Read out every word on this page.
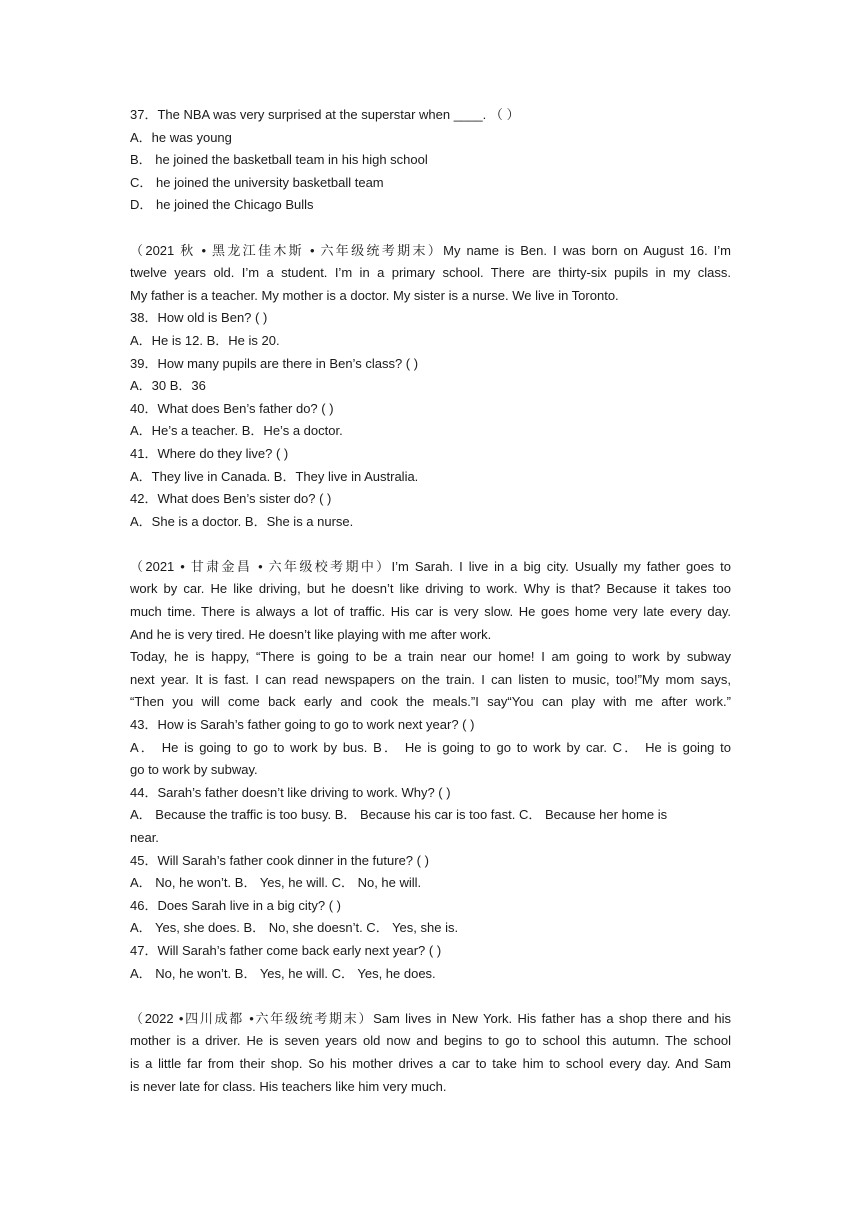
37．The NBA was very surprised at the superstar when ____. （ ）
A．he was young
B． he joined the basketball team in his high school
C． he joined the university basketball team
D． he joined the Chicago Bulls
（2021 秋 • 黑龙江佳木斯 • 六年级统考期末）My name is Ben. I was born on August 16. I’m
twelve years old. I’m a student. I’m in a primary school. There are thirty-six pupils in my class.
My father is a teacher. My mother is a doctor. My sister is a nurse. We live in Toronto.
38．How old is Ben? ( )
A．He is 12. B．He is 20.
39．How many pupils are there in Ben’s class? ( )
A．30 B．36
40．What does Ben’s father do? ( )
A．He’s a teacher. B．He’s a doctor.
41．Where do they live? ( )
A．They live in Canada. B．They live in Australia.
42．What does Ben’s sister do? ( )
A．She is a doctor. B．She is a nurse.
（2021 • 甘肃金昌 • 六年级校考期中）I’m Sarah. I live in a big city. Usually my father goes to
work by car. He like driving, but he doesn’t like driving to work. Why is that? Because it takes too
much time. There is always a lot of traffic. His car is very slow. He goes home very late every day.
And he is very tired. He doesn’t like playing with me after work.
Today, he is happy, “There is going to be a train near our home! I am going to work by subway
next year. It is fast. I can read newspapers on the train. I can listen to music, too!”My mom says,
“Then you will come back early and cook the meals.”I say“You can play with me after work.”
43．How is Sarah’s father going to go to work next year? ( )
A． He is going to go to work by bus. B． He is going to go to work by car. C． He is going to
go to work by subway.
44．Sarah’s father doesn’t like driving to work. Why? ( )
A． Because the traffic is too busy. B． Because his car is too fast. C． Because her home is
near.
45．Will Sarah’s father cook dinner in the future? ( )
A． No, he won’t. B． Yes, he will. C． No, he will.
46．Does Sarah live in a big city? ( )
A． Yes, she does. B． No, she doesn’t. C． Yes, she is.
47．Will Sarah’s father come back early next year? ( )
A． No, he won’t. B． Yes, he will. C． Yes, he does.
（2022 •四川成都 •六年级统考期末）Sam lives in New York. His father has a shop there and his
mother is a driver. He is seven years old now and begins to go to school this autumn. The school
is a little far from their shop. So his mother drives a car to take him to school every day. And Sam
is never late for class. His teachers like him very much.
